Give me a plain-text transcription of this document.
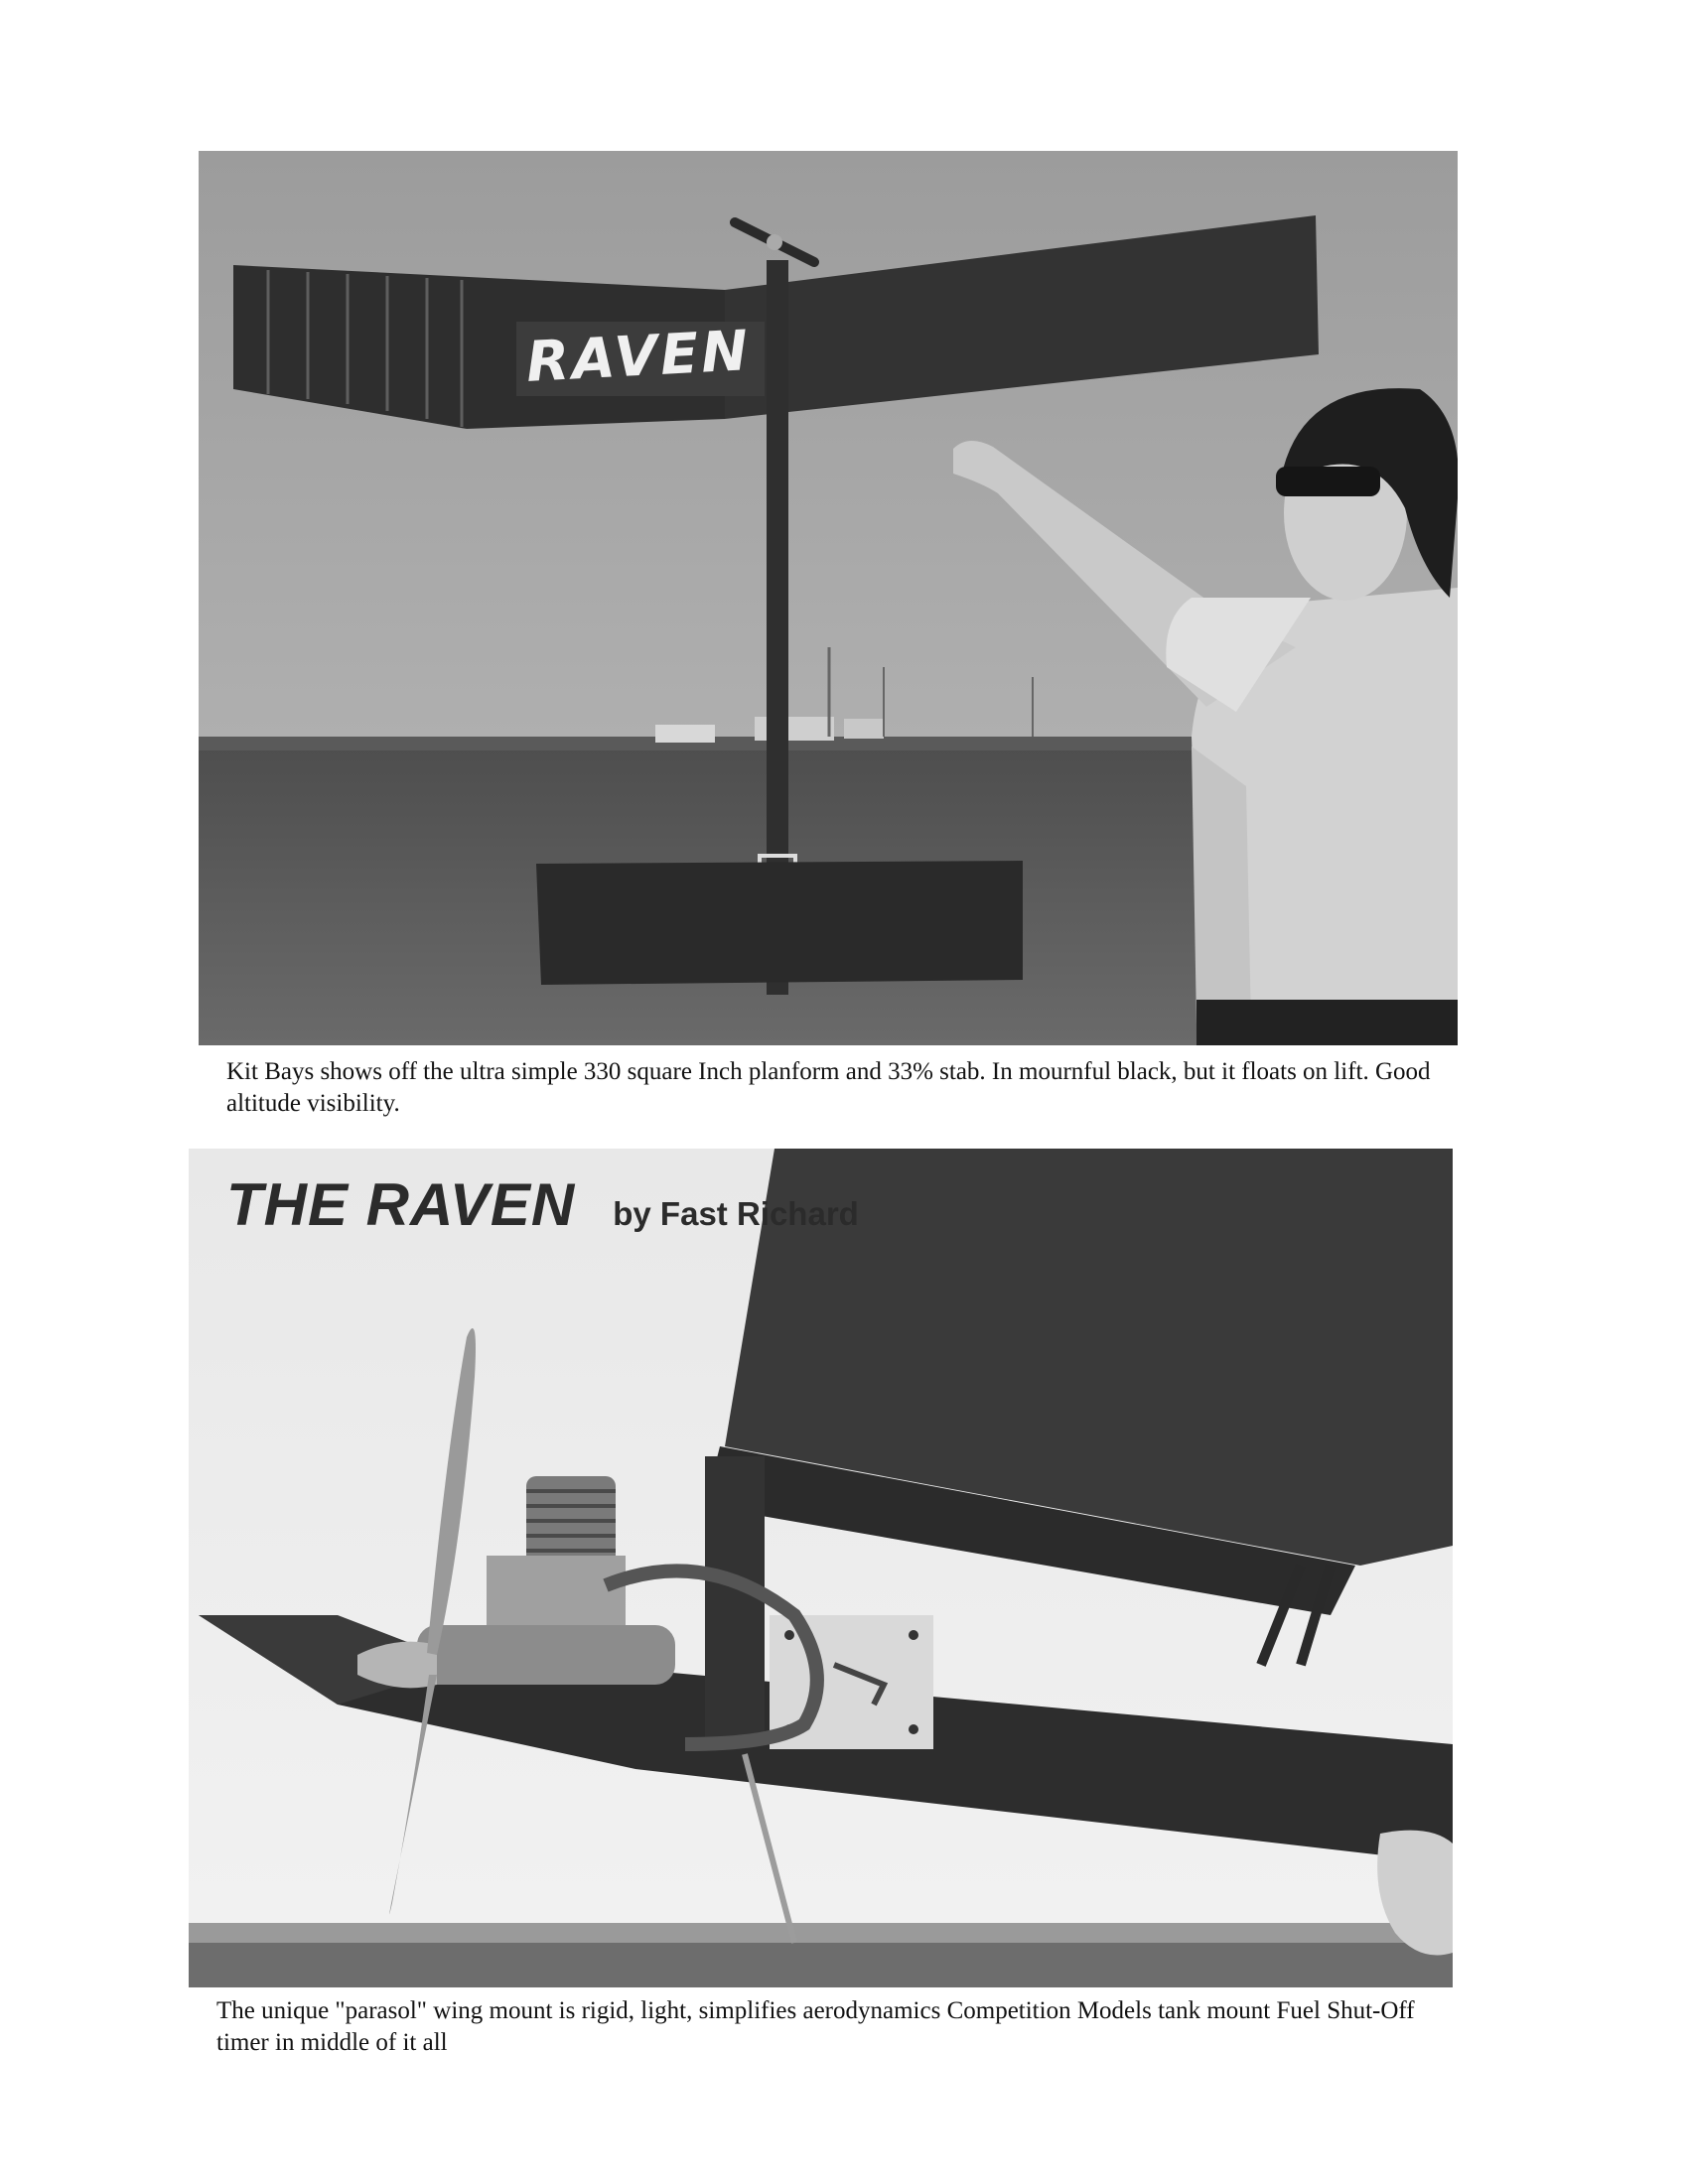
RAVEN

Kit Bays shows off the ultra simple 330 square Inch planform and 33% stab. In mournful black, but it floats on lift. Good altitude visibility.

THE RAVEN by Fast Richard

The unique "parasol" wing mount is rigid, light, simplifies aerodynamics Competition Models tank mount Fuel Shut-Off timer in middle of it all
